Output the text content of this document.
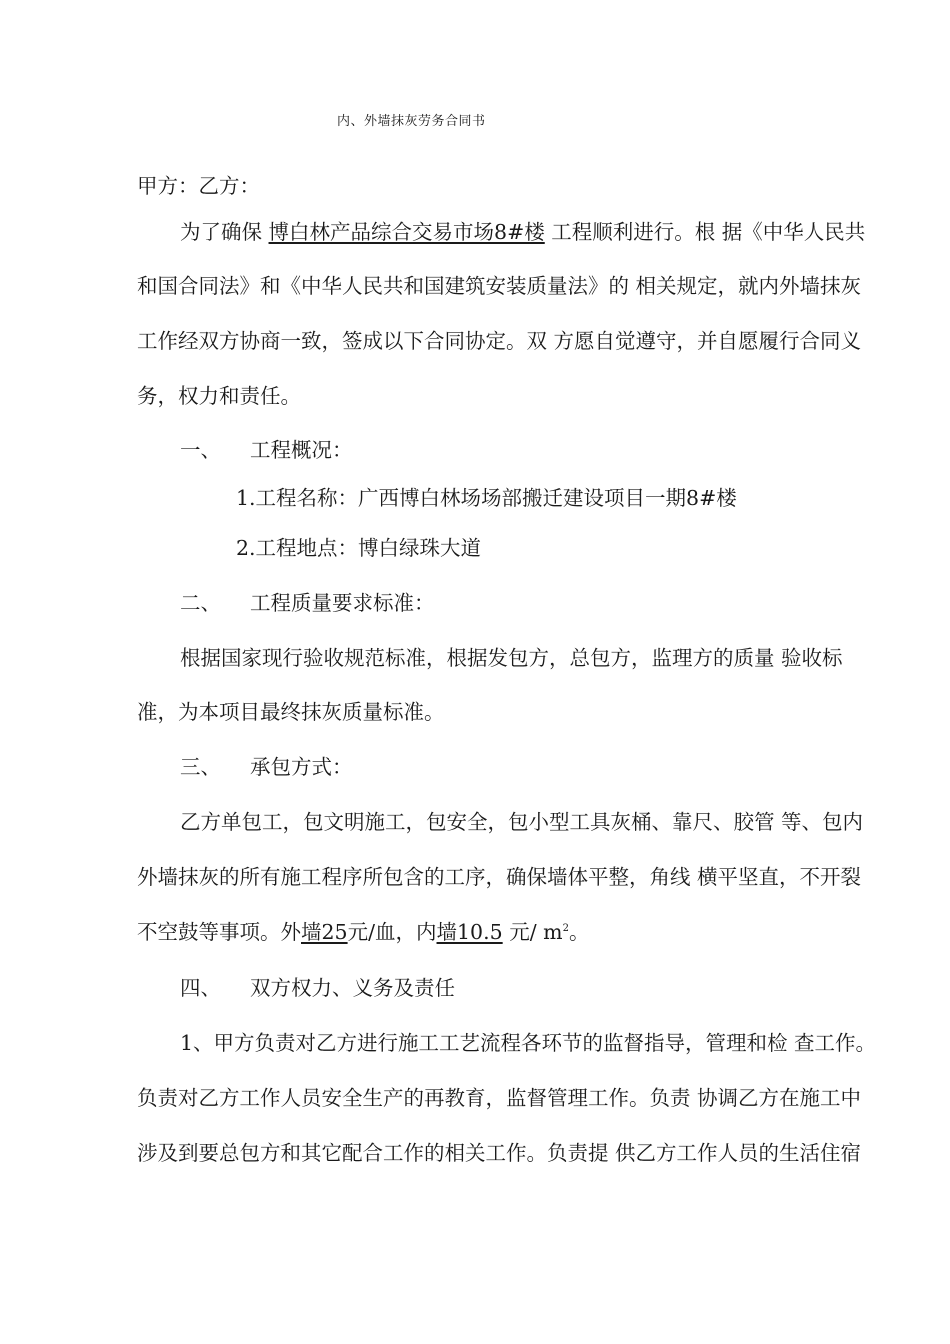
内、外墙抹灰劳务合同书
甲方：乙方：
为了确保 博白林产品综合交易市场8#楼 工程顺利进行。根 据《中华人民共
和国合同法》和《中华人民共和国建筑安装质量法》的 相关规定，就内外墙抹灰
工作经双方协商一致，签成以下合同协定。双 方愿自觉遵守，并自愿履行合同义
务，权力和责任。
一、 工程概况：
1.工程名称：广西博白林场场部搬迁建设项目一期8#楼
2.工程地点：博白绿珠大道
二、 工程质量要求标准：
根据国家现行验收规范标准，根据发包方，总包方，监理方的质量 验收标
准，为本项目最终抹灰质量标准。
三、 承包方式：
乙方单包工，包文明施工，包安全，包小型工具灰桶、靠尺、胶管 等、包内
外墙抹灰的所有施工程序所包含的工序，确保墙体平整，角线 横平坚直，不开裂
不空鼓等事项。外墙25元/血，内墙10.5 元/ $m^2$。
四、 双方权力、义务及责任
1、甲方负责对乙方进行施工工艺流程各环节的监督指导，管理和检 查工作。
负责对乙方工作人员安全生产的再教育，监督管理工作。负责 协调乙方在施工中
涉及到要总包方和其它配合工作的相关工作。负责提 供乙方工作人员的生活住宿
